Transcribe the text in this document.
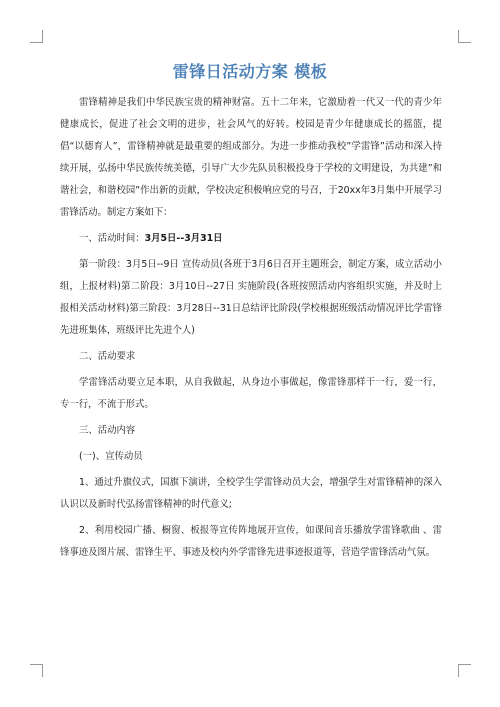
雷锋日活动方案 模板

雷锋精神是我们中华民族宝贵的精神财富。五十二年来，它激励着一代又一代的青少年健康成长，促进了社会文明的进步，社会风气的好转。校园是青少年健康成长的摇篮，提倡“以德育人”，雷锋精神就是最重要的组成部分。为进一步推动我校”学雷锋”活动和深入持续开展，弘扬中华民族传统美德，引导广大少先队员积极投身于学校的文明建设，为共建”和谐社会，和谐校园”作出新的贡献，学校决定积极响应党的号召，于20xx年3月集中开展学习雷锋活动。制定方案如下：

一、活动时间：3月5日--3月31日

第一阶段：3月5日--9日 宣传动员(各班于3月6日召开主题班会，制定方案，成立活动小组，上报材料)第二阶段：3月10日--27日 实施阶段(各班按照活动内容组织实施，并及时上报相关活动材料)第三阶段：3月28日--31日总结评比阶段(学校根据班级活动情况评比学雷锋先进班集体，班级评比先进个人)

二、活动要求

学雷锋活动要立足本职，从自我做起，从身边小事做起，像雷锋那样干一行，爱一行，专一行，不流于形式。

三、活动内容

(一)、宣传动员

1、通过升旗仪式，国旗下演讲，全校学生学雷锋动员大会，增强学生对雷锋精神的深入认识以及新时代弘扬雷锋精神的时代意义;

2、利用校园广播、橱窗、板报等宣传阵地展开宣传，如课间音乐播放学雷锋歌曲 、雷锋事迹及图片展、雷锋生平、事迹及校内外学雷锋先进事迹报道等，营造学雷锋活动气氛。
